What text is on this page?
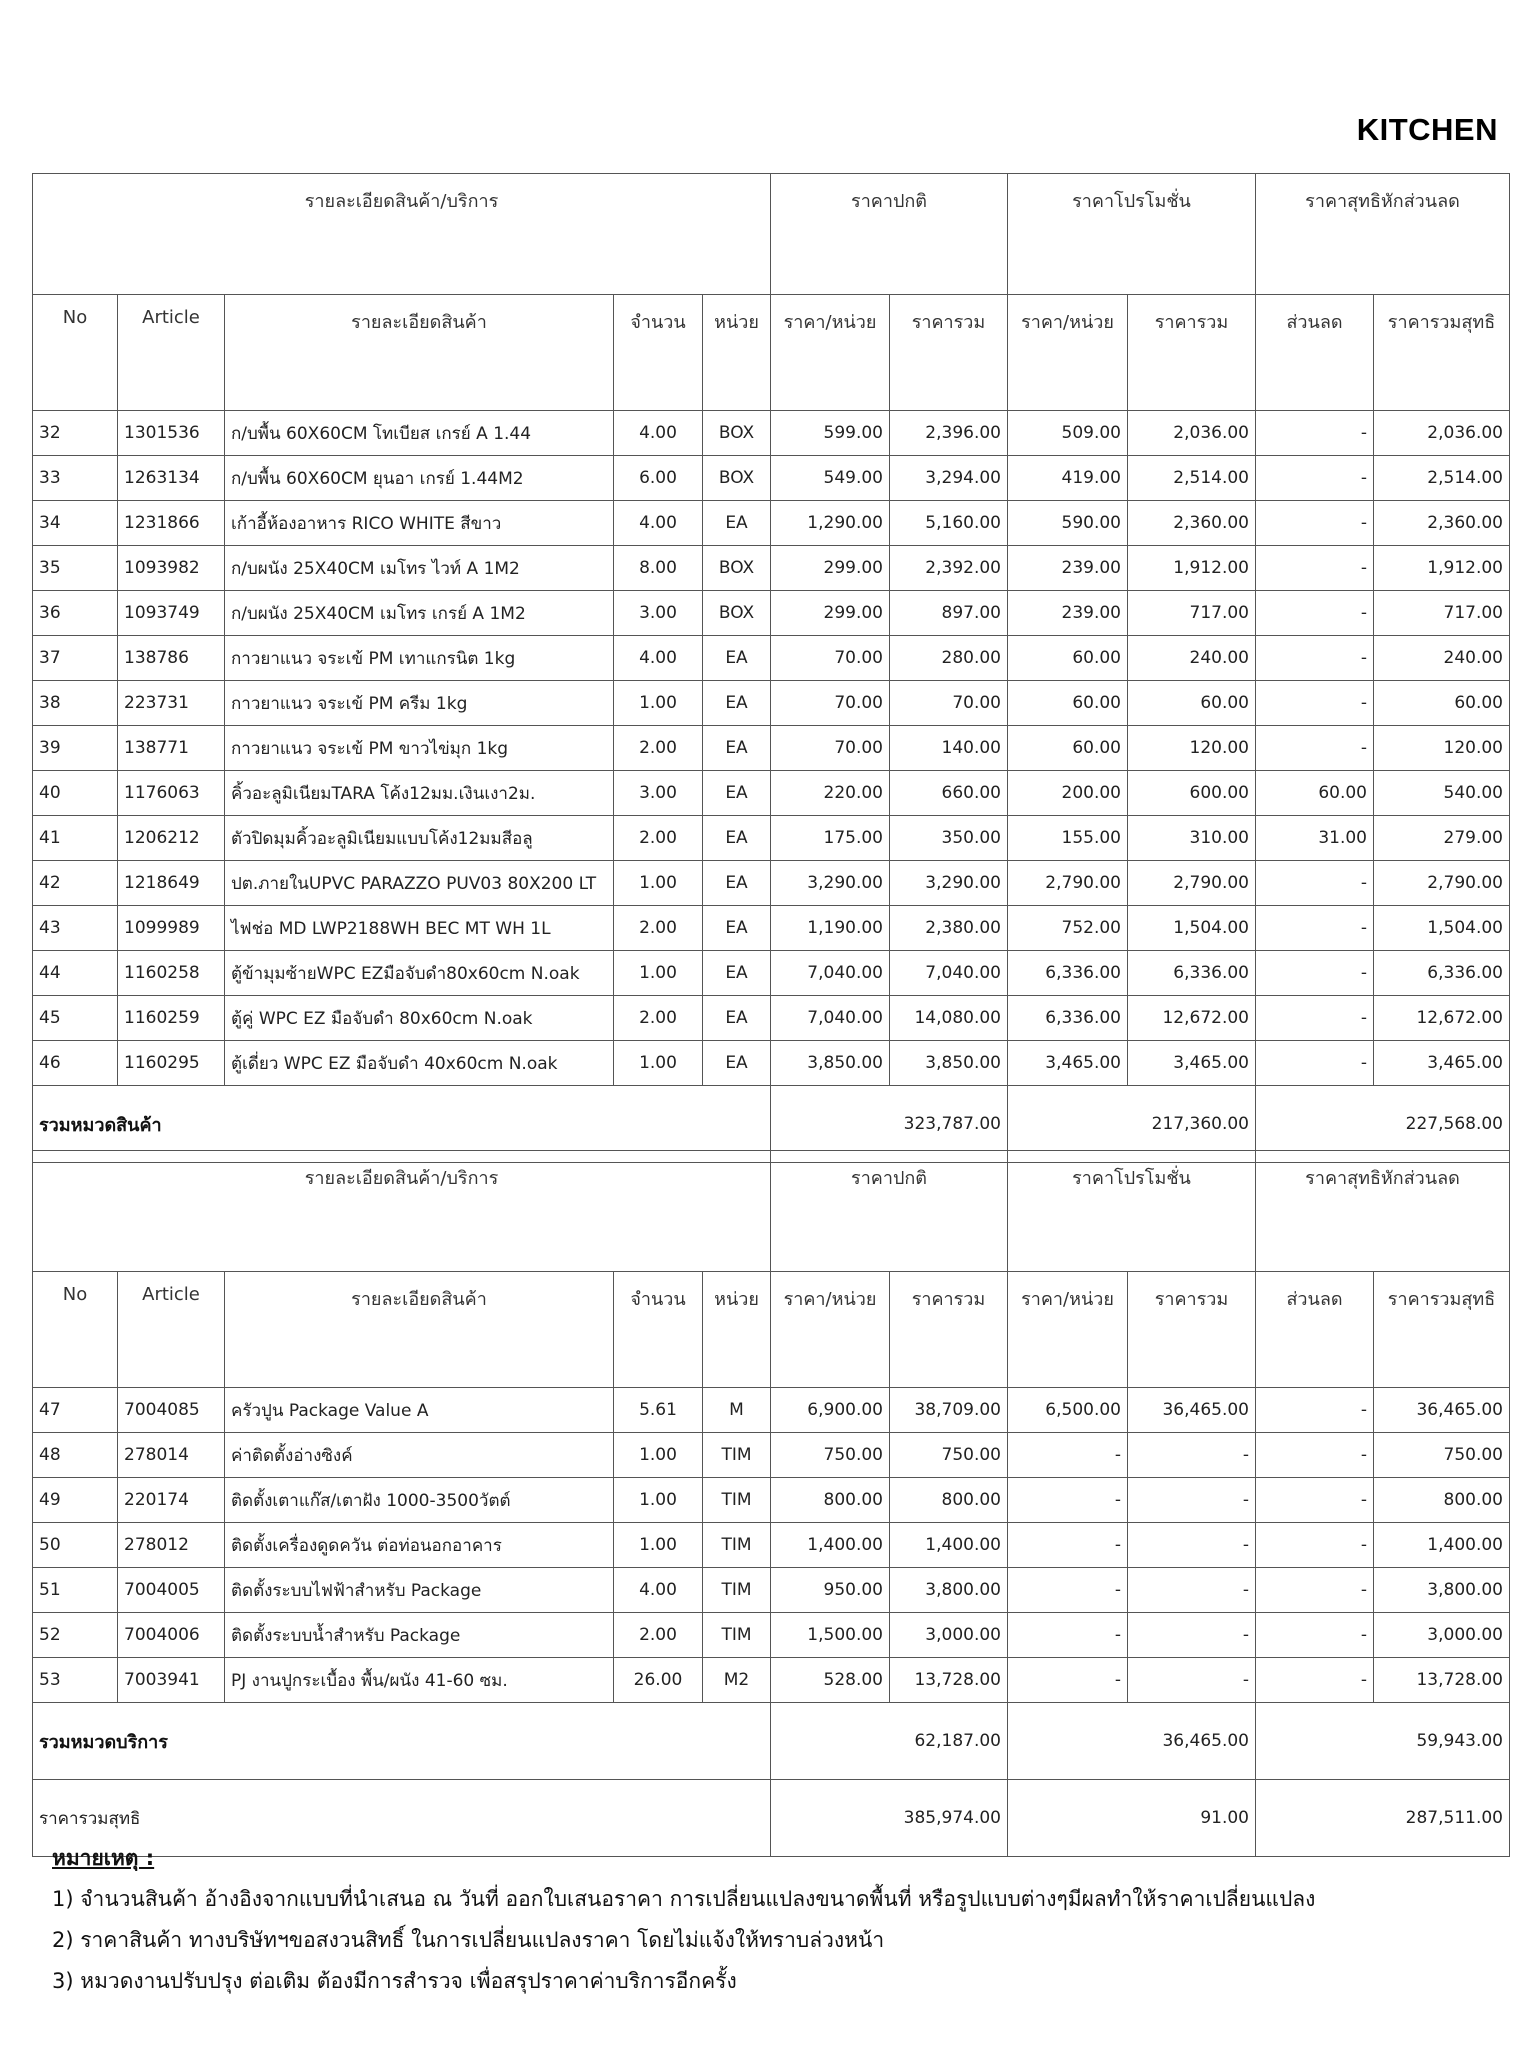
KITCHEN
รายละเอียดสินค้า/บริการ					ราคาปกติ		ราคาโปรโมชั่น		ราคาสุทธิหักส่วนลด	
No	Article	รายละเอียดสินค้า	จำนวน	หน่วย	ราคา/หน่วย	ราคารวม	ราคา/หน่วย	ราคารวม	ส่วนลด	ราคารวมสุทธิ
32	1301536	ก/บพื้น 60X60CM โทเบียส เกรย์ A 1.44	4.00	BOX	599.00	2,396.00	509.00	2,036.00	-	2,036.00
33	1263134	ก/บพื้น 60X60CM ยุนอา เกรย์ 1.44M2	6.00	BOX	549.00	3,294.00	419.00	2,514.00	-	2,514.00
34	1231866	เก้าอี้ห้องอาหาร RICO WHITE สีขาว	4.00	EA	1,290.00	5,160.00	590.00	2,360.00	-	2,360.00
35	1093982	ก/บผนัง 25X40CM เมโทร ไวท์ A 1M2	8.00	BOX	299.00	2,392.00	239.00	1,912.00	-	1,912.00
36	1093749	ก/บผนัง 25X40CM เมโทร เกรย์ A 1M2	3.00	BOX	299.00	897.00	239.00	717.00	-	717.00
37	138786	กาวยาแนว จระเข้ PM เทาแกรนิต 1kg	4.00	EA	70.00	280.00	60.00	240.00	-	240.00
38	223731	กาวยาแนว จระเข้ PM ครีม 1kg	1.00	EA	70.00	70.00	60.00	60.00	-	60.00
39	138771	กาวยาแนว จระเข้ PM ขาวไข่มุก 1kg	2.00	EA	70.00	140.00	60.00	120.00	-	120.00
40	1176063	คิ้วอะลูมิเนียมTARA โค้ง12มม.เงินเงา2ม.	3.00	EA	220.00	660.00	200.00	600.00	60.00	540.00
41	1206212	ตัวปิดมุมคิ้วอะลูมิเนียมแบบโค้ง12มมสีอลู	2.00	EA	175.00	350.00	155.00	310.00	31.00	279.00
42	1218649	ปต.ภายในUPVC PARAZZO PUV03 80X200 LT	1.00	EA	3,290.00	3,290.00	2,790.00	2,790.00	-	2,790.00
43	1099989	ไฟช่อ MD LWP2188WH BEC MT WH 1L	2.00	EA	1,190.00	2,380.00	752.00	1,504.00	-	1,504.00
44	1160258	ตู้ข้ามุมซ้ายWPC EZมือจับดำ80x60cm N.oak	1.00	EA	7,040.00	7,040.00	6,336.00	6,336.00	-	6,336.00
45	1160259	ตู้คู่ WPC EZ มือจับดำ 80x60cm N.oak	2.00	EA	7,040.00	14,080.00	6,336.00	12,672.00	-	12,672.00
46	1160295	ตู้เดี่ยว WPC EZ มือจับดำ 40x60cm N.oak	1.00	EA	3,850.00	3,850.00	3,465.00	3,465.00	-	3,465.00
รวมหมวดสินค้า					323,787.00		217,360.00		227,568.00	
รายละเอียดสินค้า/บริการ					ราคาปกติ		ราคาโปรโมชั่น		ราคาสุทธิหักส่วนลด	
No	Article	รายละเอียดสินค้า	จำนวน	หน่วย	ราคา/หน่วย	ราคารวม	ราคา/หน่วย	ราคารวม	ส่วนลด	ราคารวมสุทธิ
47	7004085	ครัวปูน Package Value A	5.61	M	6,900.00	38,709.00	6,500.00	36,465.00	-	36,465.00
48	278014	ค่าติดตั้งอ่างซิงค์	1.00	TIM	750.00	750.00	-	-	-	750.00
49	220174	ติดตั้งเตาแก๊ส/เตาฝัง 1000-3500วัตต์	1.00	TIM	800.00	800.00	-	-	-	800.00
50	278012	ติดตั้งเครื่องดูดควัน ต่อท่อนอกอาคาร	1.00	TIM	1,400.00	1,400.00	-	-	-	1,400.00
51	7004005	ติดตั้งระบบไฟฟ้าสำหรับ Package	4.00	TIM	950.00	3,800.00	-	-	-	3,800.00
52	7004006	ติดตั้งระบบน้ำสำหรับ Package	2.00	TIM	1,500.00	3,000.00	-	-	-	3,000.00
53	7003941	PJ งานปูกระเบื้อง พื้น/ผนัง 41-60 ซม.	26.00	M2	528.00	13,728.00	-	-	-	13,728.00
รวมหมวดบริการ					62,187.00		36,465.00		59,943.00	
ราคารวมสุทธิ					385,974.00		91.00		287,511.00	
หมายเหตุ :
1) จำนวนสินค้า อ้างอิงจากแบบที่นำเสนอ ณ วันที่ ออกใบเสนอราคา การเปลี่ยนแปลงขนาดพื้นที่ หรือรูปแบบต่างๆมีผลทำให้ราคาเปลี่ยนแปลง
2) ราคาสินค้า ทางบริษัทฯขอสงวนสิทธิ์ ในการเปลี่ยนแปลงราคา โดยไม่แจ้งให้ทราบล่วงหน้า
3) หมวดงานปรับปรุง ต่อเติม ต้องมีการสำรวจ เพื่อสรุปราคาค่าบริการอีกครั้ง
